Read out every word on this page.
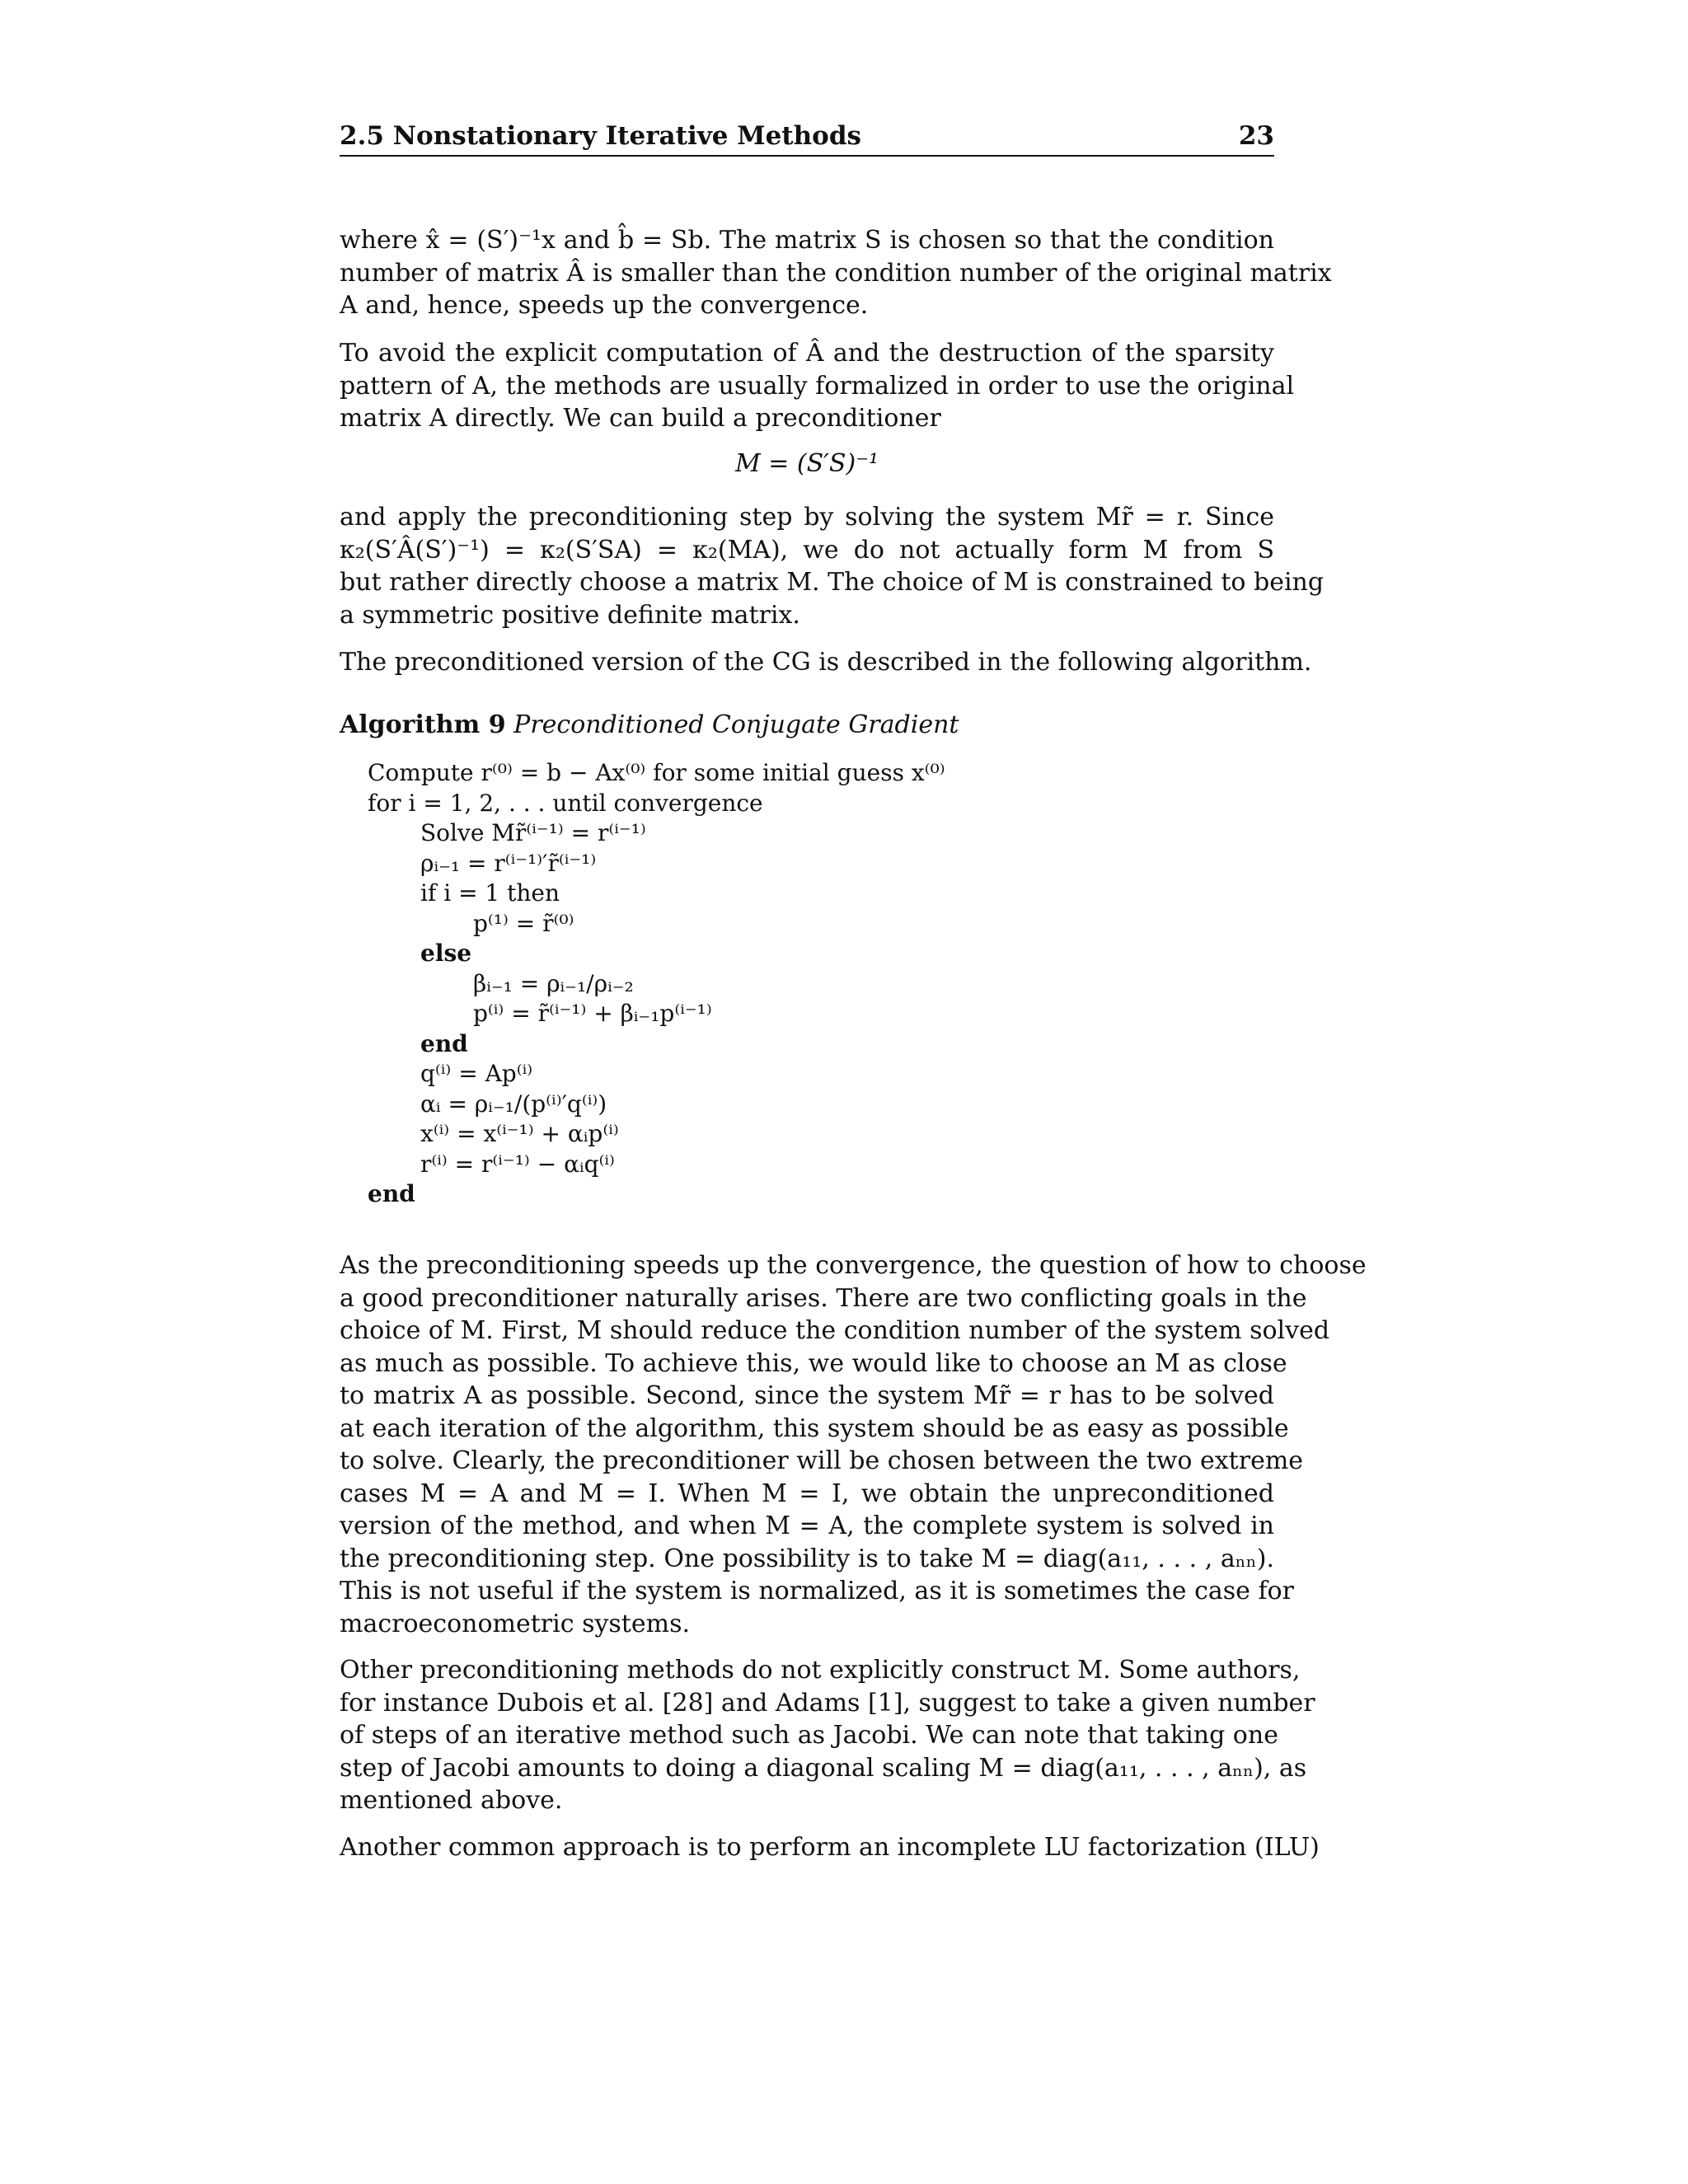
2.5 Nonstationary Iterative Methods	23
where x̂ = (S′)⁻¹x and b̂ = Sb. The matrix S is chosen so that the condition
number of matrix Â is smaller than the condition number of the original matrix
A and, hence, speeds up the convergence.
To avoid the explicit computation of Â and the destruction of the sparsity
pattern of A, the methods are usually formalized in order to use the original
matrix A directly. We can build a preconditioner
M = (S′S)⁻¹
and apply the preconditioning step by solving the system Mr̃ = r. Since
κ₂(S′Â(S′)⁻¹) = κ₂(S′SA) = κ₂(MA), we do not actually form M from S
but rather directly choose a matrix M. The choice of M is constrained to being
a symmetric positive definite matrix.
The preconditioned version of the CG is described in the following algorithm.
Algorithm 9 Preconditioned Conjugate Gradient
Compute r⁽⁰⁾ = b − Ax⁽⁰⁾ for some initial guess x⁽⁰⁾
for i = 1, 2, . . . until convergence
Solve Mr̃⁽ⁱ⁻¹⁾ = r⁽ⁱ⁻¹⁾
ρᵢ₋₁ = r⁽ⁱ⁻¹⁾′r̃⁽ⁱ⁻¹⁾
if i = 1 then
p⁽¹⁾ = r̃⁽⁰⁾
else
βᵢ₋₁ = ρᵢ₋₁/ρᵢ₋₂
p⁽ⁱ⁾ = r̃⁽ⁱ⁻¹⁾ + βᵢ₋₁p⁽ⁱ⁻¹⁾
end
q⁽ⁱ⁾ = Ap⁽ⁱ⁾
αᵢ = ρᵢ₋₁/(p⁽ⁱ⁾′q⁽ⁱ⁾)
x⁽ⁱ⁾ = x⁽ⁱ⁻¹⁾ + αᵢp⁽ⁱ⁾
r⁽ⁱ⁾ = r⁽ⁱ⁻¹⁾ − αᵢq⁽ⁱ⁾
end
As the preconditioning speeds up the convergence, the question of how to choose
a good preconditioner naturally arises. There are two conflicting goals in the
choice of M. First, M should reduce the condition number of the system solved
as much as possible. To achieve this, we would like to choose an M as close
to matrix A as possible. Second, since the system Mr̃ = r has to be solved
at each iteration of the algorithm, this system should be as easy as possible
to solve. Clearly, the preconditioner will be chosen between the two extreme
cases M = A and M = I. When M = I, we obtain the unpreconditioned
version of the method, and when M = A, the complete system is solved in
the preconditioning step. One possibility is to take M = diag(a₁₁, . . . , aₙₙ).
This is not useful if the system is normalized, as it is sometimes the case for
macroeconometric systems.
Other preconditioning methods do not explicitly construct M. Some authors,
for instance Dubois et al. [28] and Adams [1], suggest to take a given number
of steps of an iterative method such as Jacobi. We can note that taking one
step of Jacobi amounts to doing a diagonal scaling M = diag(a₁₁, . . . , aₙₙ), as
mentioned above.
Another common approach is to perform an incomplete LU factorization (ILU)
